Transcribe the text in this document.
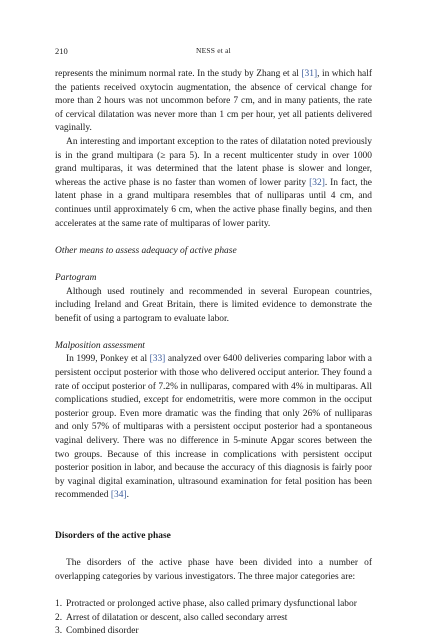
210	NESS et al

represents the minimum normal rate. In the study by Zhang et al [31], in which half the patients received oxytocin augmentation, the absence of cervical change for more than 2 hours was not uncommon before 7 cm, and in many patients, the rate of cervical dilatation was never more than 1 cm per hour, yet all patients delivered vaginally.

An interesting and important exception to the rates of dilatation noted previously is in the grand multipara (≥ para 5). In a recent multicenter study in over 1000 grand multiparas, it was determined that the latent phase is slower and longer, whereas the active phase is no faster than women of lower parity [32]. In fact, the latent phase in a grand multipara resembles that of nulliparas until 4 cm, and continues until approximately 6 cm, when the active phase finally begins, and then accelerates at the same rate of multiparas of lower parity.

Other means to assess adequacy of active phase

Partogram

Although used routinely and recommended in several European countries, including Ireland and Great Britain, there is limited evidence to demonstrate the benefit of using a partogram to evaluate labor.

Malposition assessment

In 1999, Ponkey et al [33] analyzed over 6400 deliveries comparing labor with a persistent occiput posterior with those who delivered occiput anterior. They found a rate of occiput posterior of 7.2% in nulliparas, compared with 4% in multiparas. All complications studied, except for endometritis, were more common in the occiput posterior group. Even more dramatic was the finding that only 26% of nulliparas and only 57% of multiparas with a persistent occiput posterior had a spontaneous vaginal delivery. There was no difference in 5-minute Apgar scores between the two groups. Because of this increase in complications with persistent occiput posterior position in labor, and because the accuracy of this diagnosis is fairly poor by vaginal digital examination, ultrasound examination for fetal position has been recommended [34].

Disorders of the active phase

The disorders of the active phase have been divided into a number of overlapping categories by various investigators. The three major categories are:

1. Protracted or prolonged active phase, also called primary dysfunctional labor
2. Arrest of dilatation or descent, also called secondary arrest
3. Combined disorder
